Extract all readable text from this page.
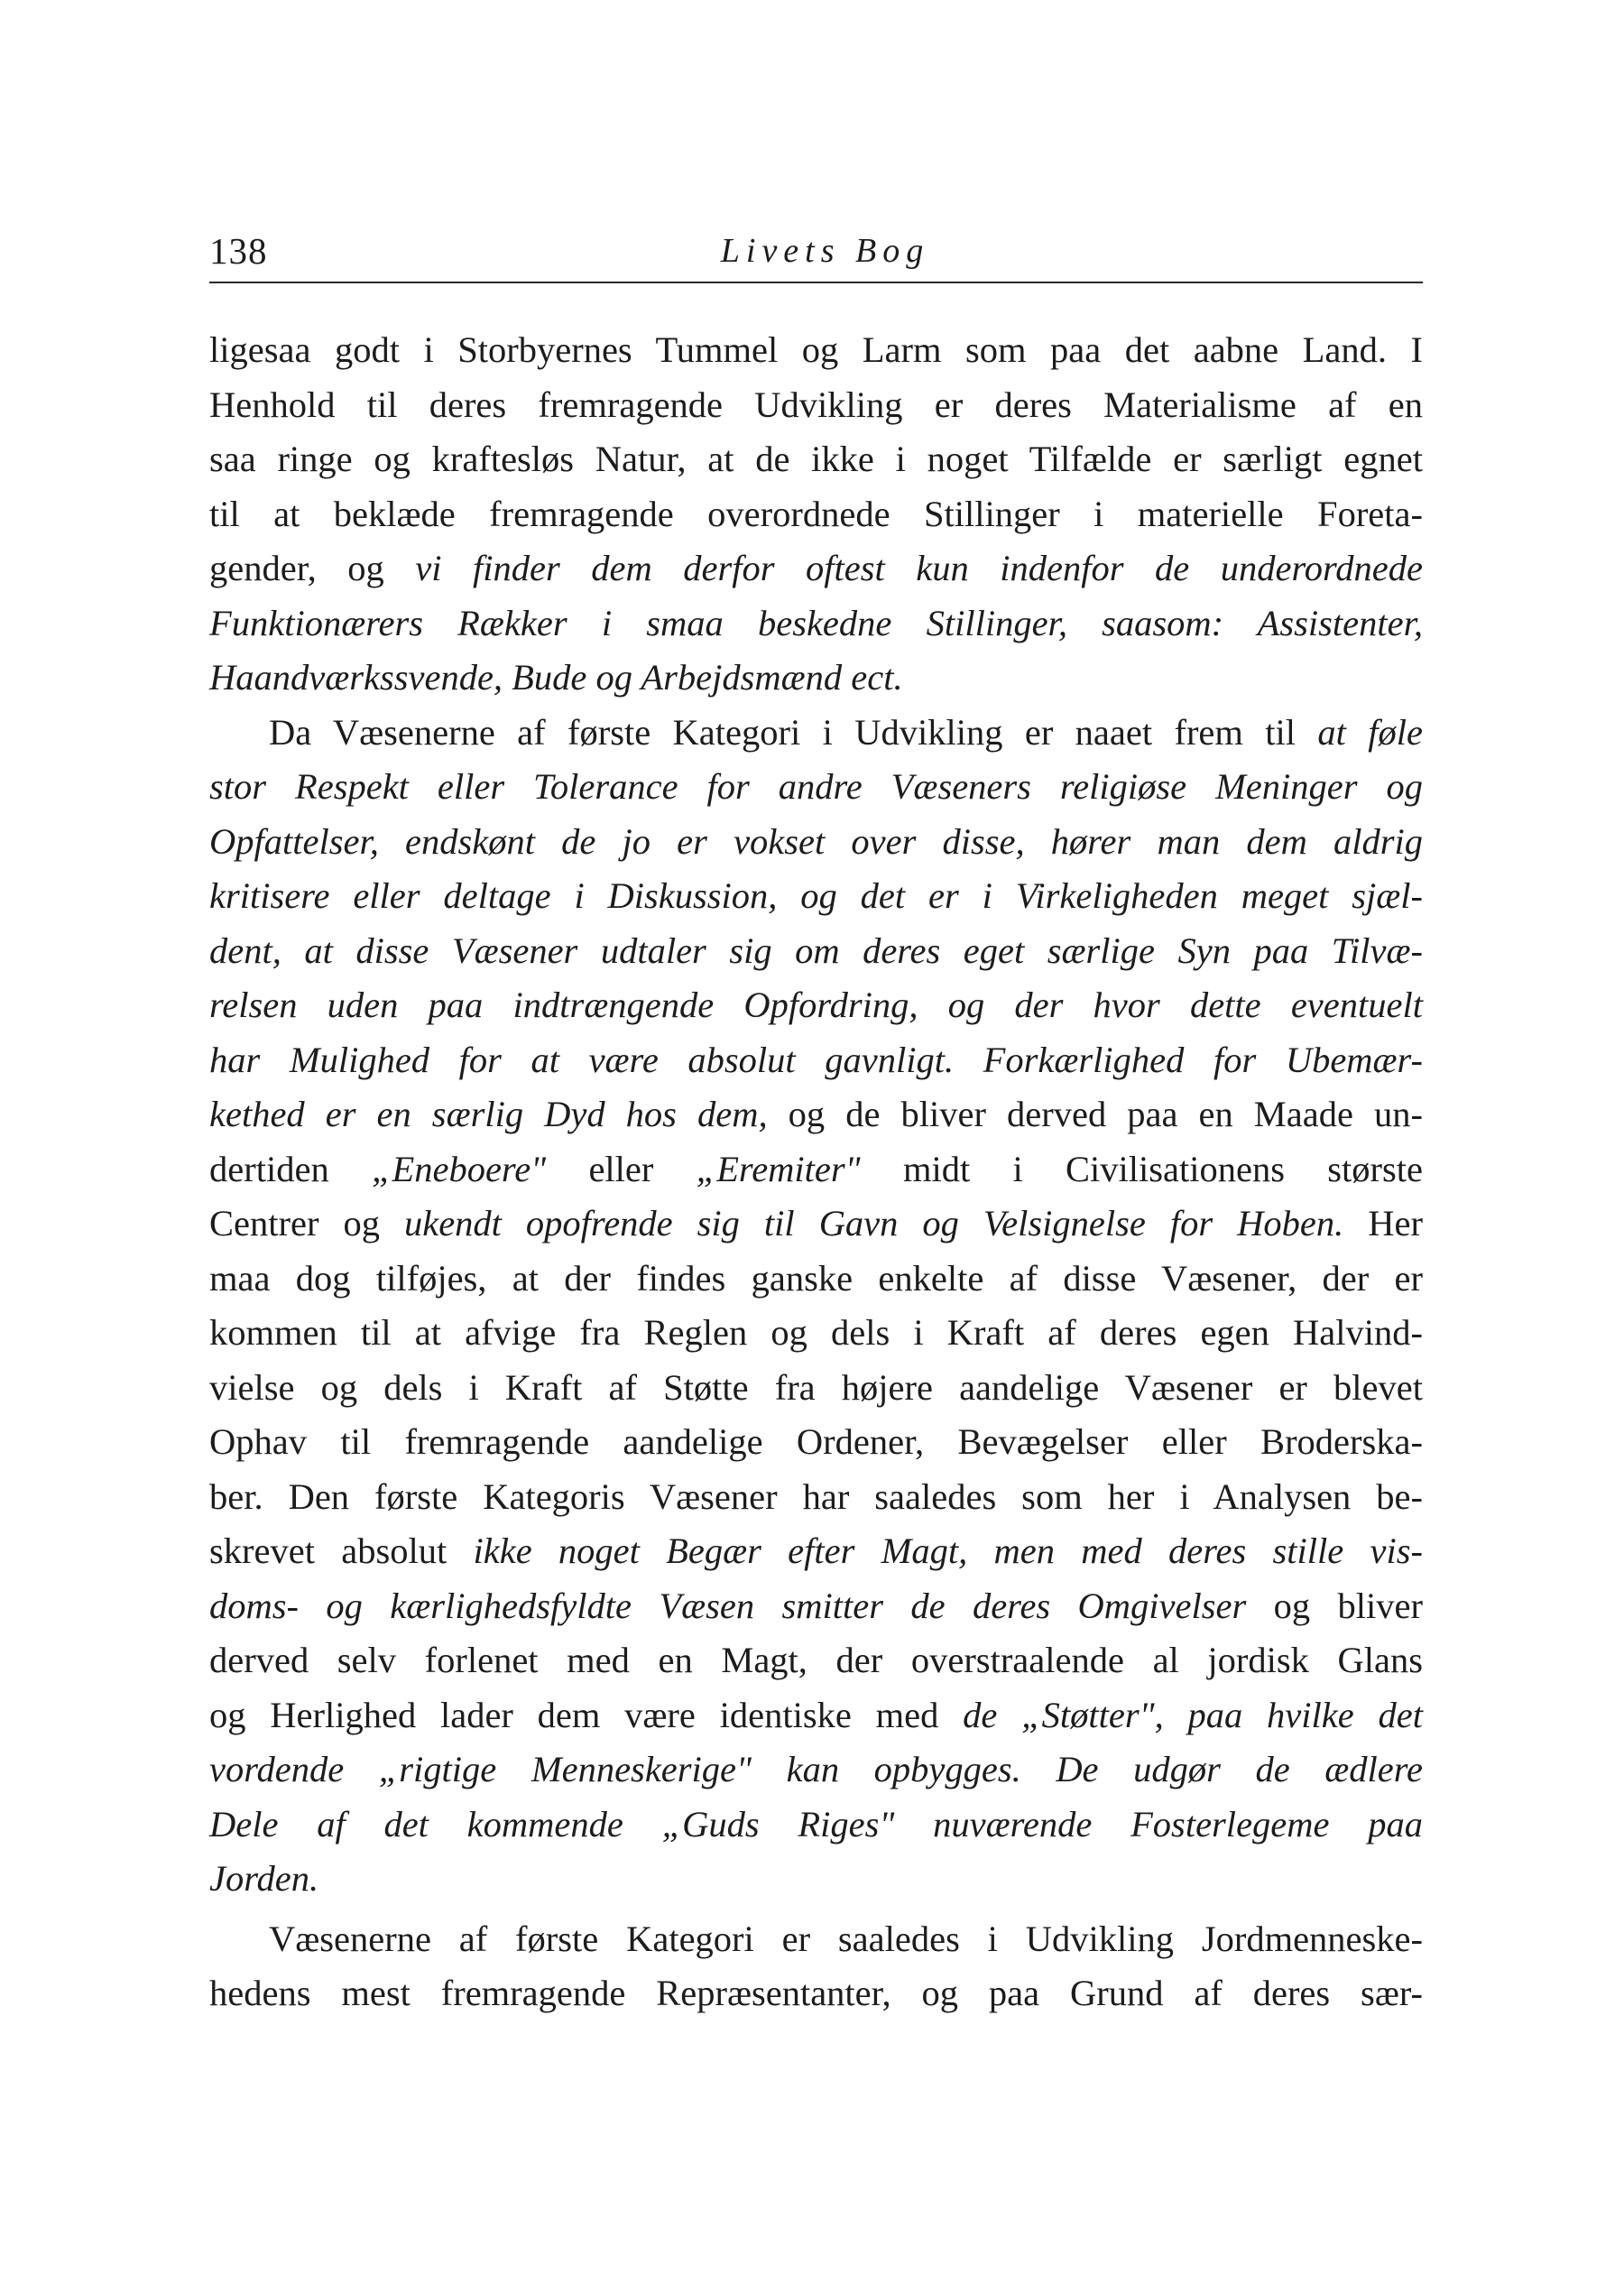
138	Livets Bog
ligesaa godt i Storbyernes Tummel og Larm som paa det aabne Land. I
Henhold til deres fremragende Udvikling er deres Materialisme af en
saa ringe og kraftesløs Natur, at de ikke i noget Tilfælde er særligt egnet
til at beklæde fremragende overordnede Stillinger i materielle Foreta-
gender, og vi finder dem derfor oftest kun indenfor de underordnede
Funktionærers Rækker i smaa beskedne Stillinger, saasom: Assistenter,
Haandværkssvende, Bude og Arbejdsmænd ect.
Da Væsenerne af første Kategori i Udvikling er naaet frem til at føle
stor Respekt eller Tolerance for andre Væseners religiøse Meninger og
Opfattelser, endskønt de jo er vokset over disse, hører man dem aldrig
kritisere eller deltage i Diskussion, og det er i Virkeligheden meget sjæl-
dent, at disse Væsener udtaler sig om deres eget særlige Syn paa Tilvæ-
relsen uden paa indtrængende Opfordring, og der hvor dette eventuelt
har Mulighed for at være absolut gavnligt. Forkærlighed for Ubemær-
kethed er en særlig Dyd hos dem, og de bliver derved paa en Maade un-
dertiden „Eneboere" eller „Eremiter" midt i Civilisationens største
Centrer og ukendt opofrende sig til Gavn og Velsignelse for Hoben. Her
maa dog tilføjes, at der findes ganske enkelte af disse Væsener, der er
kommen til at afvige fra Reglen og dels i Kraft af deres egen Halvind-
vielse og dels i Kraft af Støtte fra højere aandelige Væsener er blevet
Ophav til fremragende aandelige Ordener, Bevægelser eller Broderska-
ber. Den første Kategoris Væsener har saaledes som her i Analysen be-
skrevet absolut ikke noget Begær efter Magt, men med deres stille vis-
doms- og kærlighedsfyldte Væsen smitter de deres Omgivelser og bliver
derved selv forlenet med en Magt, der overstraalende al jordisk Glans
og Herlighed lader dem være identiske med de „Støtter", paa hvilke det
vordende „rigtige Menneskerige" kan opbygges. De udgør de ædlere
Dele af det kommende „Guds Riges" nuværende Fosterlegeme paa
Jorden.
Væsenerne af første Kategori er saaledes i Udvikling Jordmenneske-
hedens mest fremragende Repræsentanter, og paa Grund af deres sær-
